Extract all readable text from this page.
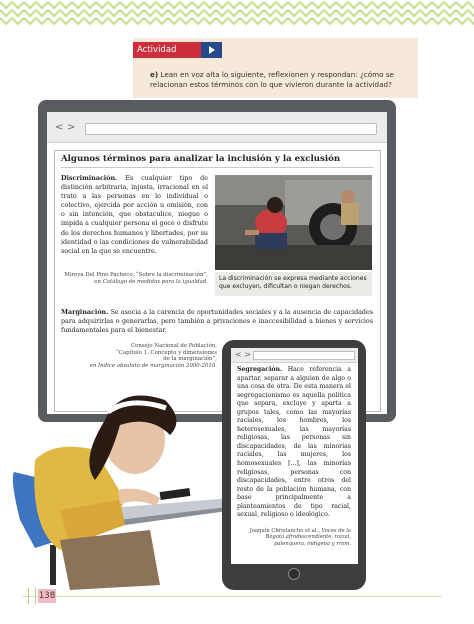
Actividad
e) Lean en voz alta lo siguiente, reflexionen y respondan: ¿cómo se relacionan estos términos con lo que vivieron durante la actividad?
< >
Algunos términos para analizar la inclusión y la exclusión
Discriminación. Es cualquier tipo de distinción arbitraria, injusta, irracional en el trato a las personas en lo individual o colectivo, ejercida por acción u omisión, con o sin intención, que obstaculice, niegue o impida a cualquier persona el goce o disfrute de los derechos humanos y libertades, por su identidad o las condiciones de vulnerabilidad social en la que se encuentre.
Mireya Del Pino Pacheco, “Sobre la discriminación”, en Catálogo de medidas para la igualdad.	La discriminación se expresa mediante acciones que excluyen, dificultan o niegan derechos.
Marginación. Se asocia a la carencia de oportunidades sociales y a la ausencia de capacidades para adquirirlas o generarlas, pero también a privaciones e inaccesibilidad a bienes y servicios fundamentales para el bienestar.
Consejo Nacional de Población,
“Capítulo 1. Concepto y dimensiones
de la marginación”,
en Índice absoluto de marginación 2000-2010.
< >
Segregación. Hace referencia a apartar, separar a alguien de algo o una cosa de otra. De esta manera el segregacionismo es aquella política que separa, excluye y aparta a grupos tales, como las mayorías raciales, los hombres, los heterosexuales, las mayorías religiosas, las personas sin discapacidades, de las minorías raciales, las mujeres, los homosexuales [...], las minorías religiosas, personas con discapacidades, entre otros del resto de la población humana, con base principalmente a planteamientos de tipo racial, sexual, religioso o ideológico.
Joaquín Christancho et al., Voces de la Bogotá afrodescendiente, raizal, palenquera, indígena y rrom.
138
